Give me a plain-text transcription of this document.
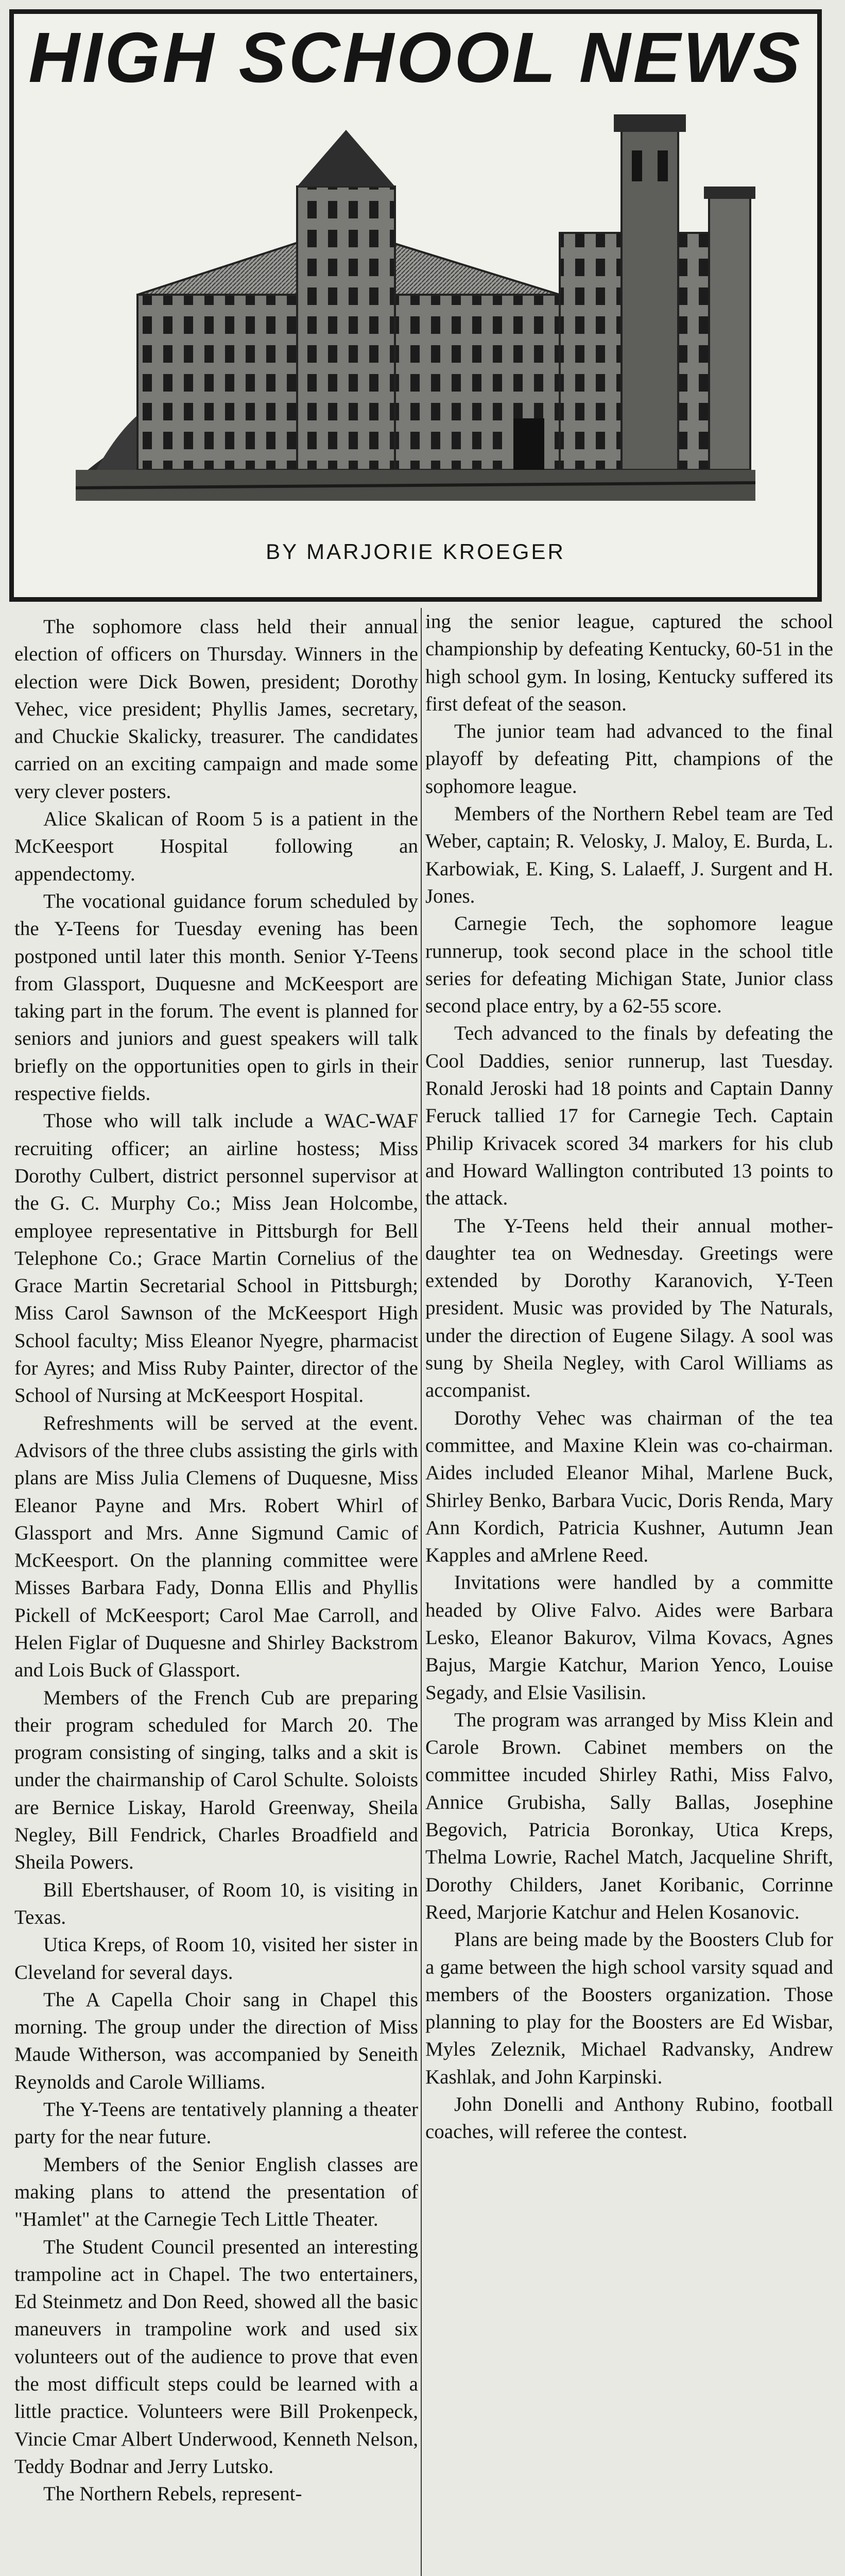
HIGH SCHOOL NEWS
BY MARJORIE KROEGER

The sophomore class held their annual election of officers on Thursday. Winners in the election were Dick Bowen, president; Dorothy Vehec, vice president; Phyllis James, secretary, and Chuckie Skalicky, treasurer. The candidates carried on an exciting campaign and made some very clever posters.

Alice Skalican of Room 5 is a patient in the McKeesport Hospital following an appendectomy.

The vocational guidance forum scheduled by the Y-Teens for Tuesday evening has been postponed until later this month. Senior Y-Teens from Glassport, Duquesne and McKeesport are taking part in the forum. The event is planned for seniors and juniors and guest speakers will talk briefly on the opportunities open to girls in their respective fields.

Those who will talk include a WAC-WAF recruiting officer; an airline hostess; Miss Dorothy Culbert, district personnel supervisor at the G. C. Murphy Co.; Miss Jean Holcombe, employee representative in Pittsburgh for Bell Telephone Co.; Grace Martin Cornelius of the Grace Martin Secretarial School in Pittsburgh; Miss Carol Sawnson of the McKeesport High School faculty; Miss Eleanor Nyegre, pharmacist for Ayres; and Miss Ruby Painter, director of the School of Nursing at McKeesport Hospital.

Refreshments will be served at the event. Advisors of the three clubs assisting the girls with plans are Miss Julia Clemens of Duquesne, Miss Eleanor Payne and Mrs. Robert Whirl of Glassport and Mrs. Anne Sigmund Camic of McKeesport. On the planning committee were Misses Barbara Fady, Donna Ellis and Phyllis Pickell of McKeesport; Carol Mae Carroll, and Helen Figlar of Duquesne and Shirley Backstrom and Lois Buck of Glassport.

Members of the French Cub are preparing their program scheduled for March 20. The program consisting of singing, talks and a skit is under the chairmanship of Carol Schulte. Soloists are Bernice Liskay, Harold Greenway, Sheila Negley, Bill Fendrick, Charles Broadfield and Sheila Powers.

Bill Ebertshauser, of Room 10, is visiting in Texas.

Utica Kreps, of Room 10, visited her sister in Cleveland for several days.

The A Capella Choir sang in Chapel this morning. The group under the direction of Miss Maude Witherson, was accompanied by Seneith Reynolds and Carole Williams.

The Y-Teens are tentatively planning a theater party for the near future.

Members of the Senior English classes are making plans to attend the presentation of "Hamlet" at the Carnegie Tech Little Theater.

The Student Council presented an interesting trampoline act in Chapel. The two entertainers, Ed Steinmetz and Don Reed, showed all the basic maneuvers in trampoline work and used six volunteers out of the audience to prove that even the most difficult steps could be learned with a little practice. Volunteers were Bill Prokenpeck, Vincie Cmar Albert Underwood, Kenneth Nelson, Teddy Bodnar and Jerry Lutsko.

The Northern Rebels, represent-

ing the senior league, captured the school championship by defeating Kentucky, 60-51 in the high school gym. In losing, Kentucky suffered its first defeat of the season.

The junior team had advanced to the final playoff by defeating Pitt, champions of the sophomore league.

Members of the Northern Rebel team are Ted Weber, captain; R. Velosky, J. Maloy, E. Burda, L. Karbowiak, E. King, S. Lalaeff, J. Surgent and H. Jones.

Carnegie Tech, the sophomore league runnerup, took second place in the school title series for defeating Michigan State, Junior class second place entry, by a 62-55 score.

Tech advanced to the finals by defeating the Cool Daddies, senior runnerup, last Tuesday. Ronald Jeroski had 18 points and Captain Danny Feruck tallied 17 for Carnegie Tech. Captain Philip Krivacek scored 34 markers for his club and Howard Wallington contributed 13 points to the attack.

The Y-Teens held their annual mother-daughter tea on Wednesday. Greetings were extended by Dorothy Karanovich, Y-Teen president. Music was provided by The Naturals, under the direction of Eugene Silagy. A sool was sung by Sheila Negley, with Carol Williams as accompanist.

Dorothy Vehec was chairman of the tea committee, and Maxine Klein was co-chairman. Aides included Eleanor Mihal, Marlene Buck, Shirley Benko, Barbara Vucic, Doris Renda, Mary Ann Kordich, Patricia Kushner, Autumn Jean Kapples and aMrlene Reed.

Invitations were handled by a committe headed by Olive Falvo. Aides were Barbara Lesko, Eleanor Bakurov, Vilma Kovacs, Agnes Bajus, Margie Katchur, Marion Yenco, Louise Segady, and Elsie Vasilisin.

The program was arranged by Miss Klein and Carole Brown. Cabinet members on the committee incuded Shirley Rathi, Miss Falvo, Annice Grubisha, Sally Ballas, Josephine Begovich, Patricia Boronkay, Utica Kreps, Thelma Lowrie, Rachel Match, Jacqueline Shrift, Dorothy Childers, Janet Koribanic, Corrinne Reed, Marjorie Katchur and Helen Kosanovic.

Plans are being made by the Boosters Club for a game between the high school varsity squad and members of the Boosters organization. Those planning to play for the Boosters are Ed Wisbar, Myles Zeleznik, Michael Radvansky, Andrew Kashlak, and John Karpinski.

John Donelli and Anthony Rubino, football coaches, will referee the contest.
